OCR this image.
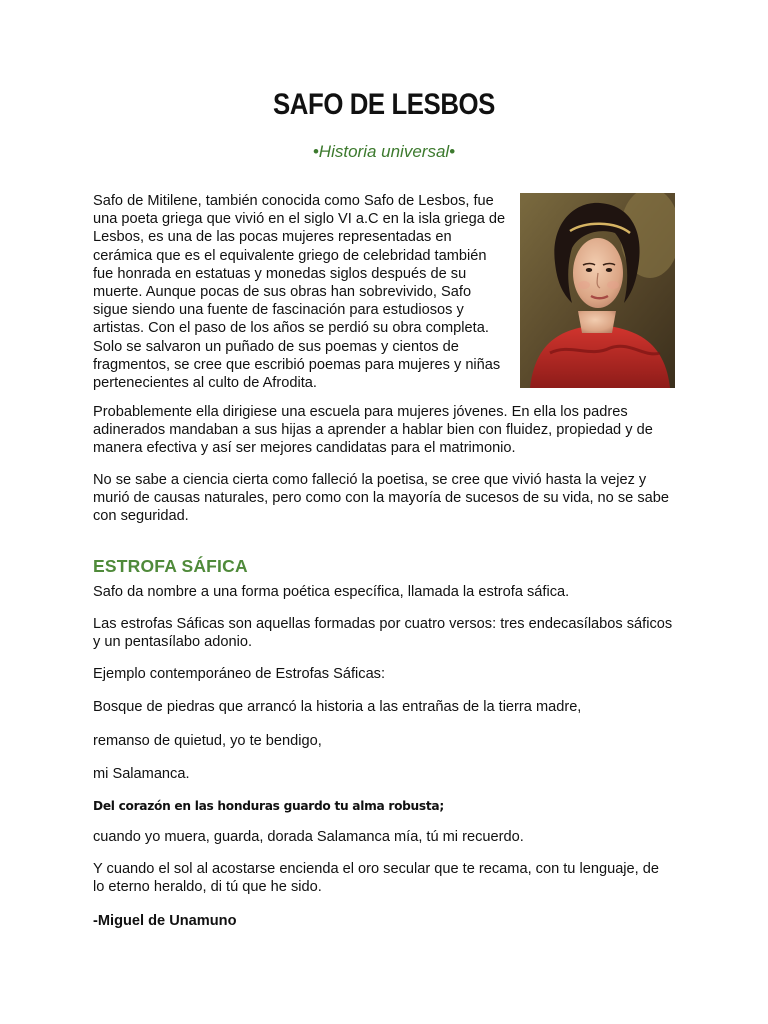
SAFO DE LESBOS

•Historia universal•

Safo de Mitilene, también conocida como Safo de Lesbos, fue una poeta griega que vivió en el siglo VI a.C en la isla griega de Lesbos, es una de las pocas mujeres representadas en cerámica que es el equivalente griego de celebridad también fue honrada en estatuas y monedas siglos después de su muerte. Aunque pocas de sus obras han sobrevivido, Safo sigue siendo una fuente de fascinación para estudiosos y artistas. Con el paso de los años se perdió su obra completa. Solo se salvaron un puñado de sus poemas y cientos de fragmentos, se cree que escribió poemas para mujeres y niñas pertenecientes al culto de Afrodita.

Probablemente ella dirigiese una escuela para mujeres jóvenes. En ella los padres adinerados mandaban a sus hijas a aprender a hablar bien con fluidez, propiedad y de manera efectiva y así ser mejores candidatas para el matrimonio.

No se sabe a ciencia cierta como falleció la poetisa, se cree que vivió hasta la vejez y murió de causas naturales, pero como con la mayoría de sucesos de su vida, no se sabe con seguridad.

ESTROFA SÁFICA

Safo da nombre a una forma poética específica, llamada la estrofa sáfica.

Las estrofas Sáficas son aquellas formadas por cuatro versos: tres endecasílabos sáficos y un pentasílabo adonio.

Ejemplo contemporáneo de Estrofas Sáficas:

Bosque de piedras que arrancó la historia a las entrañas de la tierra madre,

remanso de quietud, yo te bendigo,

mi Salamanca.

Del corazón en las honduras guardo tu alma robusta;

cuando yo muera, guarda, dorada Salamanca mía, tú mi recuerdo.

Y cuando el sol al acostarse encienda el oro secular que te recama, con tu lenguaje, de lo eterno heraldo, di tú que he sido.

-Miguel de Unamuno
